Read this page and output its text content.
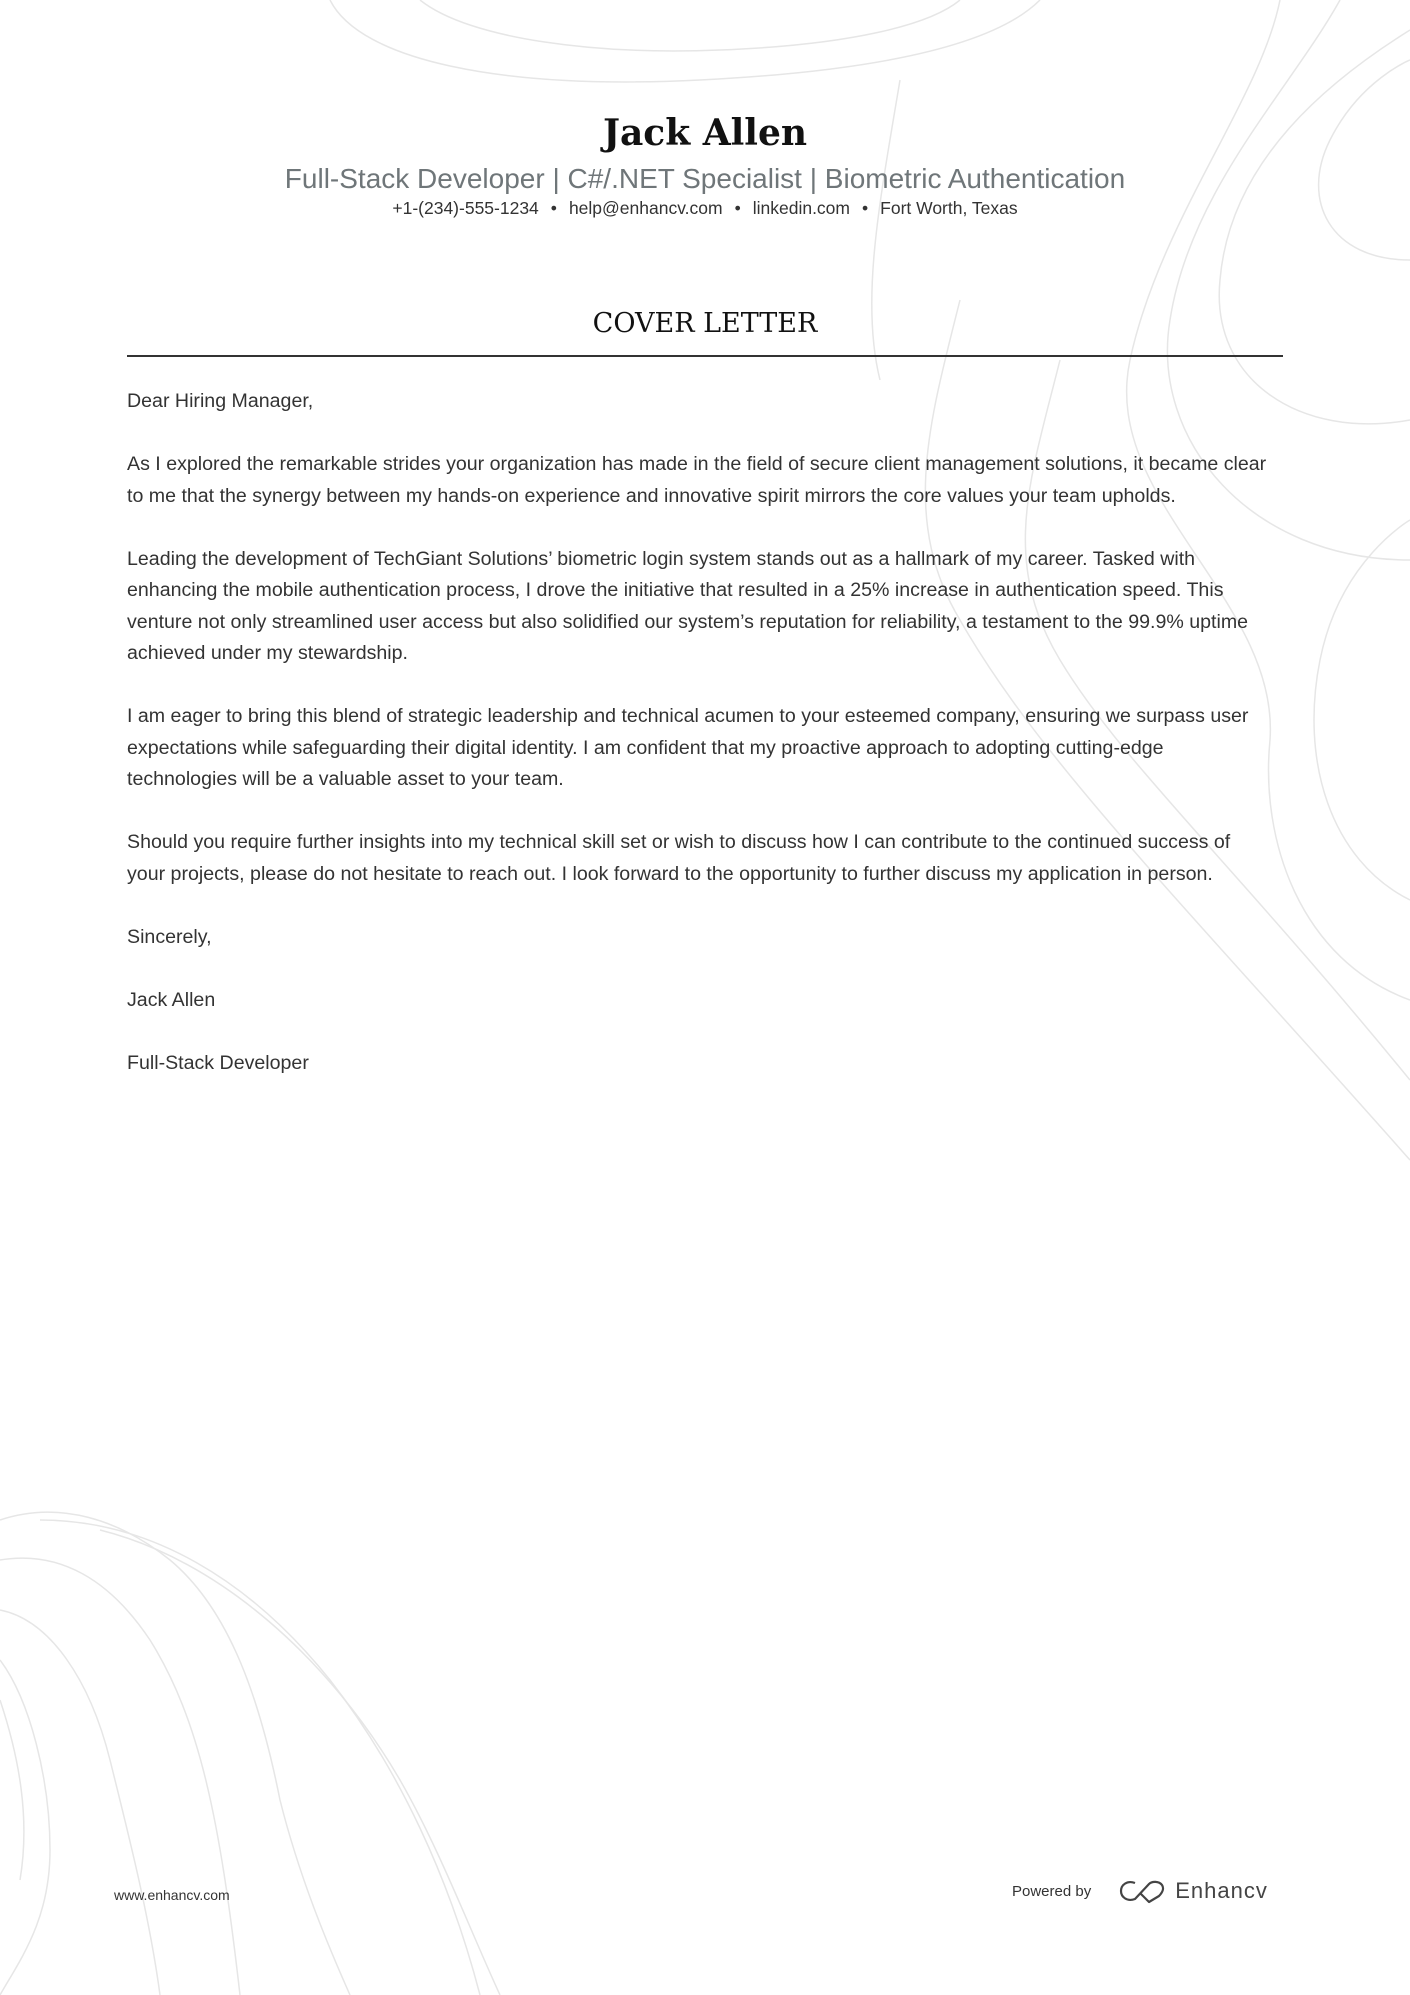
Jack Allen
Full-Stack Developer | C#/.NET Specialist | Biometric Authentication
+1-(234)-555-1234 • help@enhancv.com • linkedin.com • Fort Worth, Texas
COVER LETTER

Dear Hiring Manager,

As I explored the remarkable strides your organization has made in the field of secure client management solutions, it became clear to me that the synergy between my hands-on experience and innovative spirit mirrors the core values your team upholds.

Leading the development of TechGiant Solutions’ biometric login system stands out as a hallmark of my career. Tasked with enhancing the mobile authentication process, I drove the initiative that resulted in a 25% increase in authentication speed. This venture not only streamlined user access but also solidified our system’s reputation for reliability, a testament to the 99.9% uptime achieved under my stewardship.

I am eager to bring this blend of strategic leadership and technical acumen to your esteemed company, ensuring we surpass user expectations while safeguarding their digital identity. I am confident that my proactive approach to adopting cutting-edge technologies will be a valuable asset to your team.

Should you require further insights into my technical skill set or wish to discuss how I can contribute to the continued success of your projects, please do not hesitate to reach out. I look forward to the opportunity to further discuss my application in person.

Sincerely,

Jack Allen

Full-Stack Developer

www.enhancv.com	Powered by	Enhancv
